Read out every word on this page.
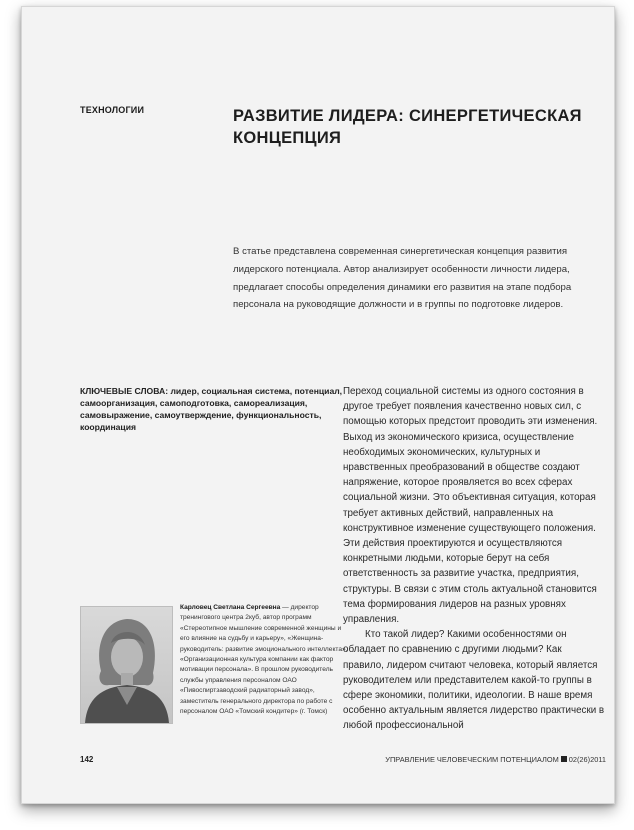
ТЕХНОЛОГИИ	РАЗВИТИЕ ЛИДЕРА: СИНЕРГЕТИЧЕСКАЯ
КОНЦЕПЦИЯ
В статье представлена современная синергетическая концепция развития лидерского потенциала. Автор анализирует особенности личности лидера, предлагает способы определения динамики его развития на этапе подбора персонала на руководящие должности и в группы по подготовке лидеров.
КЛЮЧЕВЫЕ СЛОВА: лидер, социальная система, потенциал, самоорганизация, самоподготовка, самореализация, самовыражение, самоутверждение, функциональность, координация

Переход социальной системы из одного состояния в другое требует появления качественно новых сил, с помощью которых предстоит проводить эти изменения. Выход из экономического кризиса, осуществление необходимых экономических, культурных и нравственных преобразований в обществе создают напряжение, которое проявляется во всех сферах социальной жизни. Это объективная ситуация, которая требует активных действий, направленных на конструктивное изменение существующего положения. Эти действия проектируются и осуществляются конкретными людьми, которые берут на себя ответственность за развитие участка, предприятия, структуры. В связи с этим столь актуальной становится тема формирования лидеров на разных уровнях управления.

Кто такой лидер? Какими особенностями он обладает по сравнению с другими людьми? Как правило, лидером считают человека, который является руководителем или представителем какой-то группы в сфере экономики, политики, идеологии. В наше время особенно актуальным является лидерство практически в любой профессиональной

Карловец Светлана Сергеевна — директор тренингового центра 2куб, автор программ «Стереотипное мышление современной женщины и его влияние на судьбу и карьеру», «Женщина-руководитель: развитие эмоционального интеллекта», «Организационная культура компании как фактор мотивации персонала». В прошлом руководитель службы управления персоналом ОАО «Пивоспиртзаводский радиаторный завод», заместитель генерального директора по работе с персоналом ОАО «Томский кондитер» (г. Томск)
142	УПРАВЛЕНИЕ ЧЕЛОВЕЧЕСКИМ ПОТЕНЦИАЛОМ 02(26)2011
